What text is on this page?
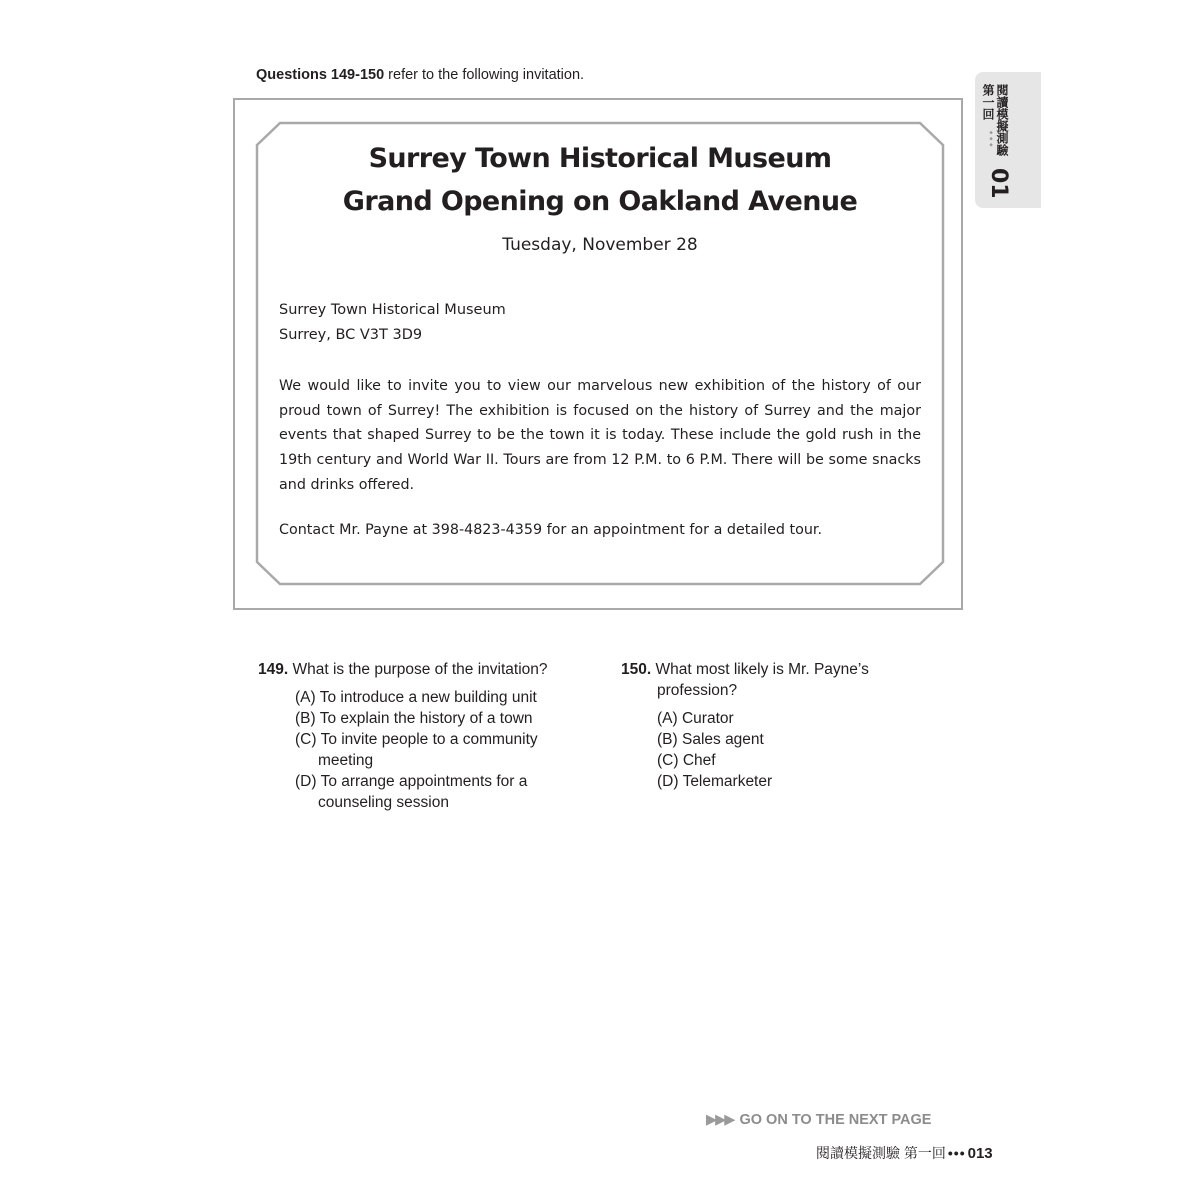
Questions 149-150 refer to the following invitation.
Surrey Town Historical Museum
Grand Opening on Oakland Avenue
Tuesday, November 28
Surrey Town Historical Museum
Surrey, BC V3T 3D9
We would like to invite you to view our marvelous new exhibition of the history of our proud town of Surrey! The exhibition is focused on the history of Surrey and the major events that shaped Surrey to be the town it is today. These include the gold rush in the 19th century and World War II. Tours are from 12 P.M. to 6 P.M. There will be some snacks and drinks offered.
Contact Mr. Payne at 398-4823-4359 for an appointment for a detailed tour.
閱讀模擬測驗
第一回
•••
01
149. What is the purpose of the invitation?
(A) To introduce a new building unit
(B) To explain the history of a town
(C) To invite people to a community
meeting
(D) To arrange appointments for a
counseling session
150. What most likely is Mr. Payne’s
profession?
(A) Curator
(B) Sales agent
(C) Chef
(D) Telemarketer
▶▶▶ GO ON TO THE NEXT PAGE
閱讀模擬測驗 第一回 ••• 013
